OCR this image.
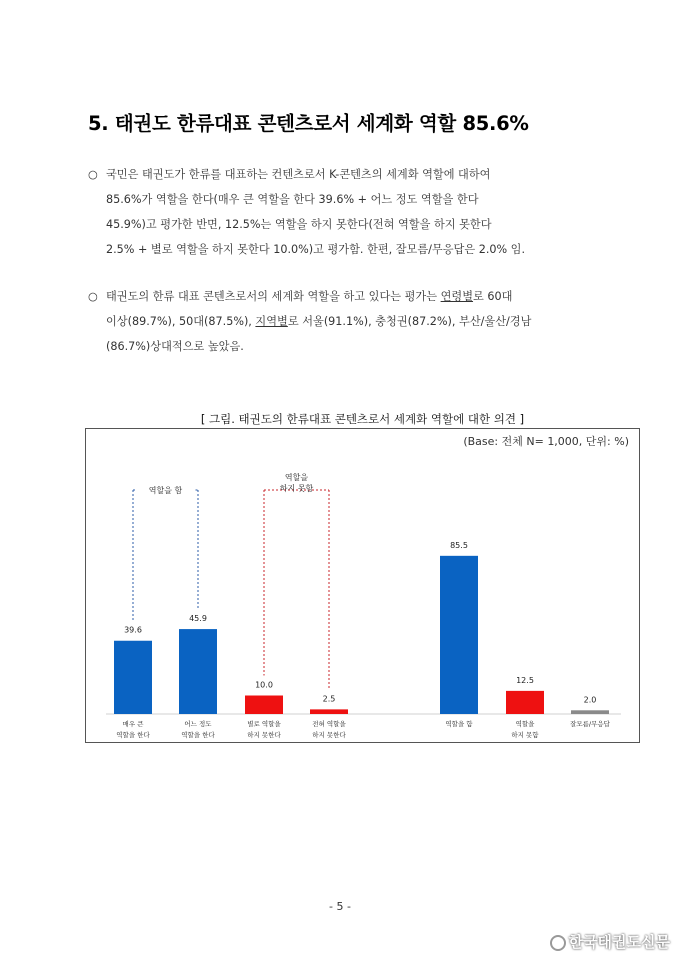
5. 태권도 한류대표 콘텐츠로서 세계화 역할 85.6%
○ 국민은 태권도가 한류를 대표하는 컨텐츠로서 K-콘텐츠의 세계화 역할에 대하여
85.6%가 역할을 한다(매우 큰 역할을 한다 39.6% + 어느 정도 역할을 한다
45.9%)고 평가한 반면, 12.5%는 역할을 하지 못한다(전혀 역할을 하지 못한다
2.5% + 별로 역할을 하지 못한다 10.0%)고 평가함. 한편, 잘모름/무응답은 2.0% 임.
○ 태권도의 한류 대표 콘텐츠로서의 세계화 역할을 하고 있다는 평가는 연령별로 60대
이상(89.7%), 50대(87.5%), 지역별로 서울(91.1%), 충청권(87.2%), 부산/울산/경남
(86.7%)상대적으로 높았음.
[ 그림. 태권도의 한류대표 콘텐츠로서 세계화 역할에 대한 의견 ]
(Base: 전체 N= 1,000, 단위: %)
39.6
매우 큰
역할을 한다
45.9
어느 정도
역할을 한다
10.0
별로 역할을
하지 못한다
2.5
전혀 역할을
하지 못한다
85.5
역할을 함
12.5
역할을
하지 못함
2.0
잘모름/무응답
역할을 함
역할을
하지 못함
- 5 -
한국태권도신문
